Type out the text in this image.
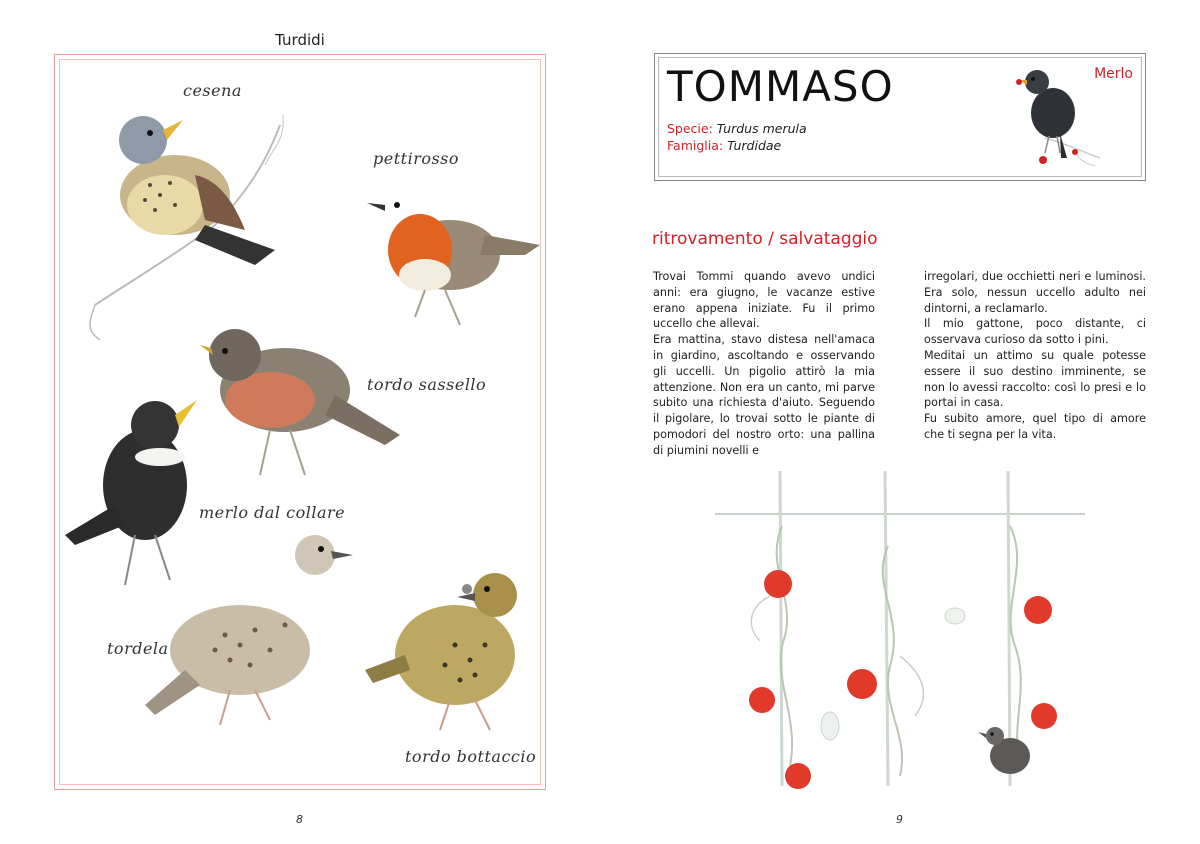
Turdidi
cesena
pettirosso
tordo sassello
merlo dal collare
tordela
tordo bottaccio
8
TOMMASO
Specie: Turdus merula
Famiglia: Turdidae
Merlo
ritrovamento / salvataggio

Trovai Tommi quando avevo undici anni: era giugno, le vacanze estive erano appena iniziate. Fu il primo uccello che allevai.

Era mattina, stavo distesa nell'amaca in giardino, ascoltando e osservando gli uccelli. Un pigolio attirò la mia attenzione. Non era un canto, mi parve subito una richiesta d'aiuto. Seguendo il pigolare, lo trovai sotto le piante di pomodori del nostro orto: una pallina di piumini novelli e

irregolari, due occhietti neri e luminosi. Era solo, nessun uccello adulto nei dintorni, a reclamarlo.

Il mio gattone, poco distante, ci osservava curioso da sotto i pini.

Meditai un attimo su quale potesse essere il suo destino imminente, se non lo avessi raccolto: così lo presi e lo portai in casa.

Fu subito amore, quel tipo di amore che ti segna per la vita.

9
